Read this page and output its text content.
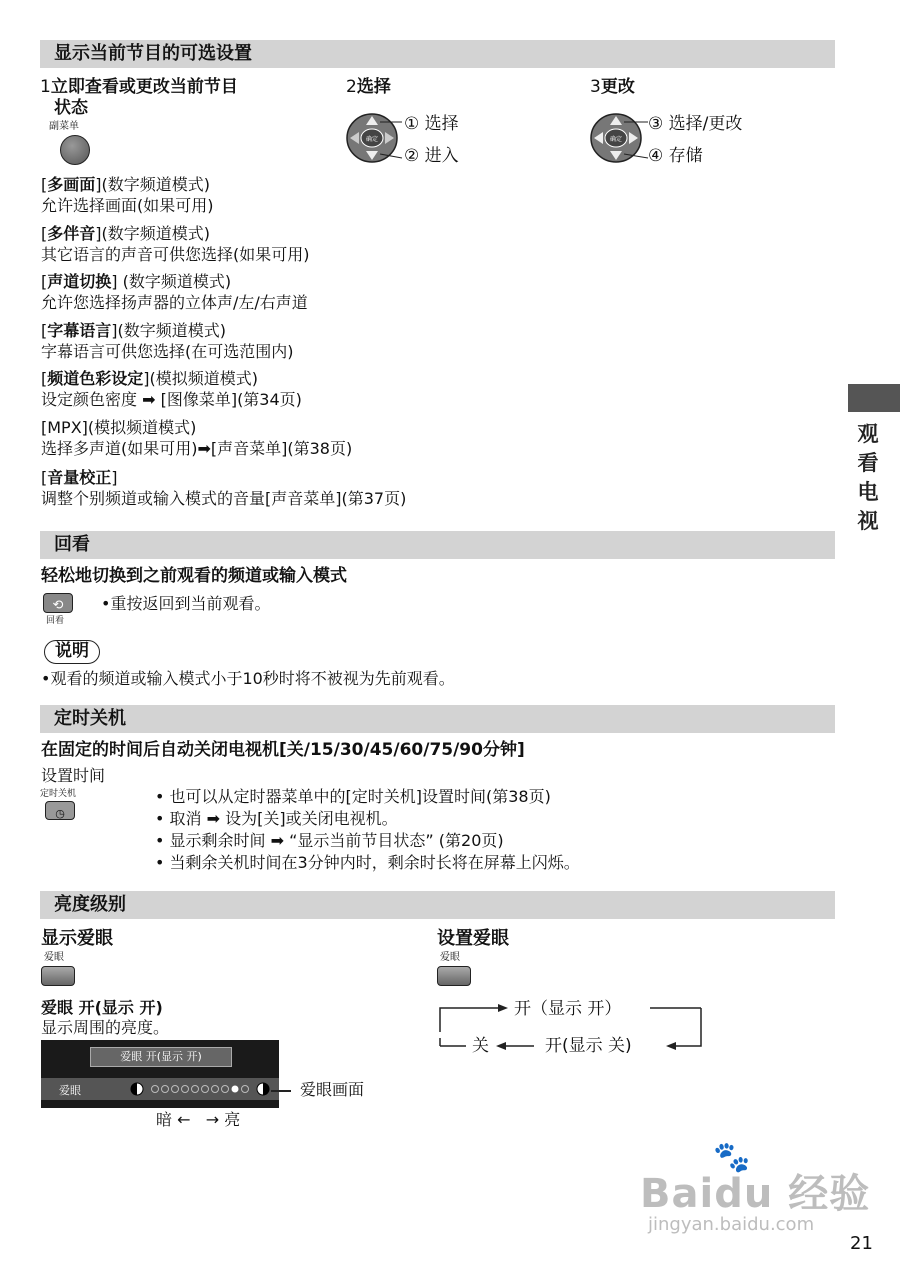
显示当前节目的可选设置
1立即查看或更改当前节目
状态
副菜单
2选择
确定
① 选择
② 进入
3更改
确定
③ 选择/更改
④ 存储
[多画面](数字频道模式)
允许选择画面(如果可用)
[多伴音](数字频道模式)
其它语言的声音可供您选择(如果可用)
[声道切换] (数字频道模式)
允许您选择扬声器的立体声/左/右声道
[字幕语言](数字频道模式)
字幕语言可供您选择(在可选范围内)
[频道色彩设定](模拟频道模式)
设定颜色密度 ➡ [图像菜单](第34页)
[MPX](模拟频道模式)
选择多声道(如果可用)➡[声音菜单](第38页)
[音量校正]
调整个别频道或输入模式的音量[声音菜单](第37页)
观看电视
回看
轻松地切换到之前观看的频道或输入模式
⟲
回看
•重按返回到当前观看。
说明
•观看的频道或输入模式小于10秒时将不被视为先前观看。
定时关机
在固定的时间后自动关闭电视机[关/15/30/45/60/75/90分钟]
设置时间
定时关机
◷
• 也可以从定时器菜单中的[定时关机]设置时间(第38页)
• 取消 ➡ 设为[关]或关闭电视机。
• 显示剩余时间 ➡ “显示当前节目状态” (第20页)
• 当剩余关机时间在3分钟内时，剩余时长将在屏幕上闪烁。
亮度级别
显示爱眼
爱眼
爱眼 开(显示 开)
显示周围的亮度。
爱眼 开(显示 开)
爱眼	爱眼画面
暗 ←   → 亮
设置爱眼
爱眼
开（显示 开）
关	开(显示 关)
Baidu 经验
jingyan.baidu.com
🐾
21
